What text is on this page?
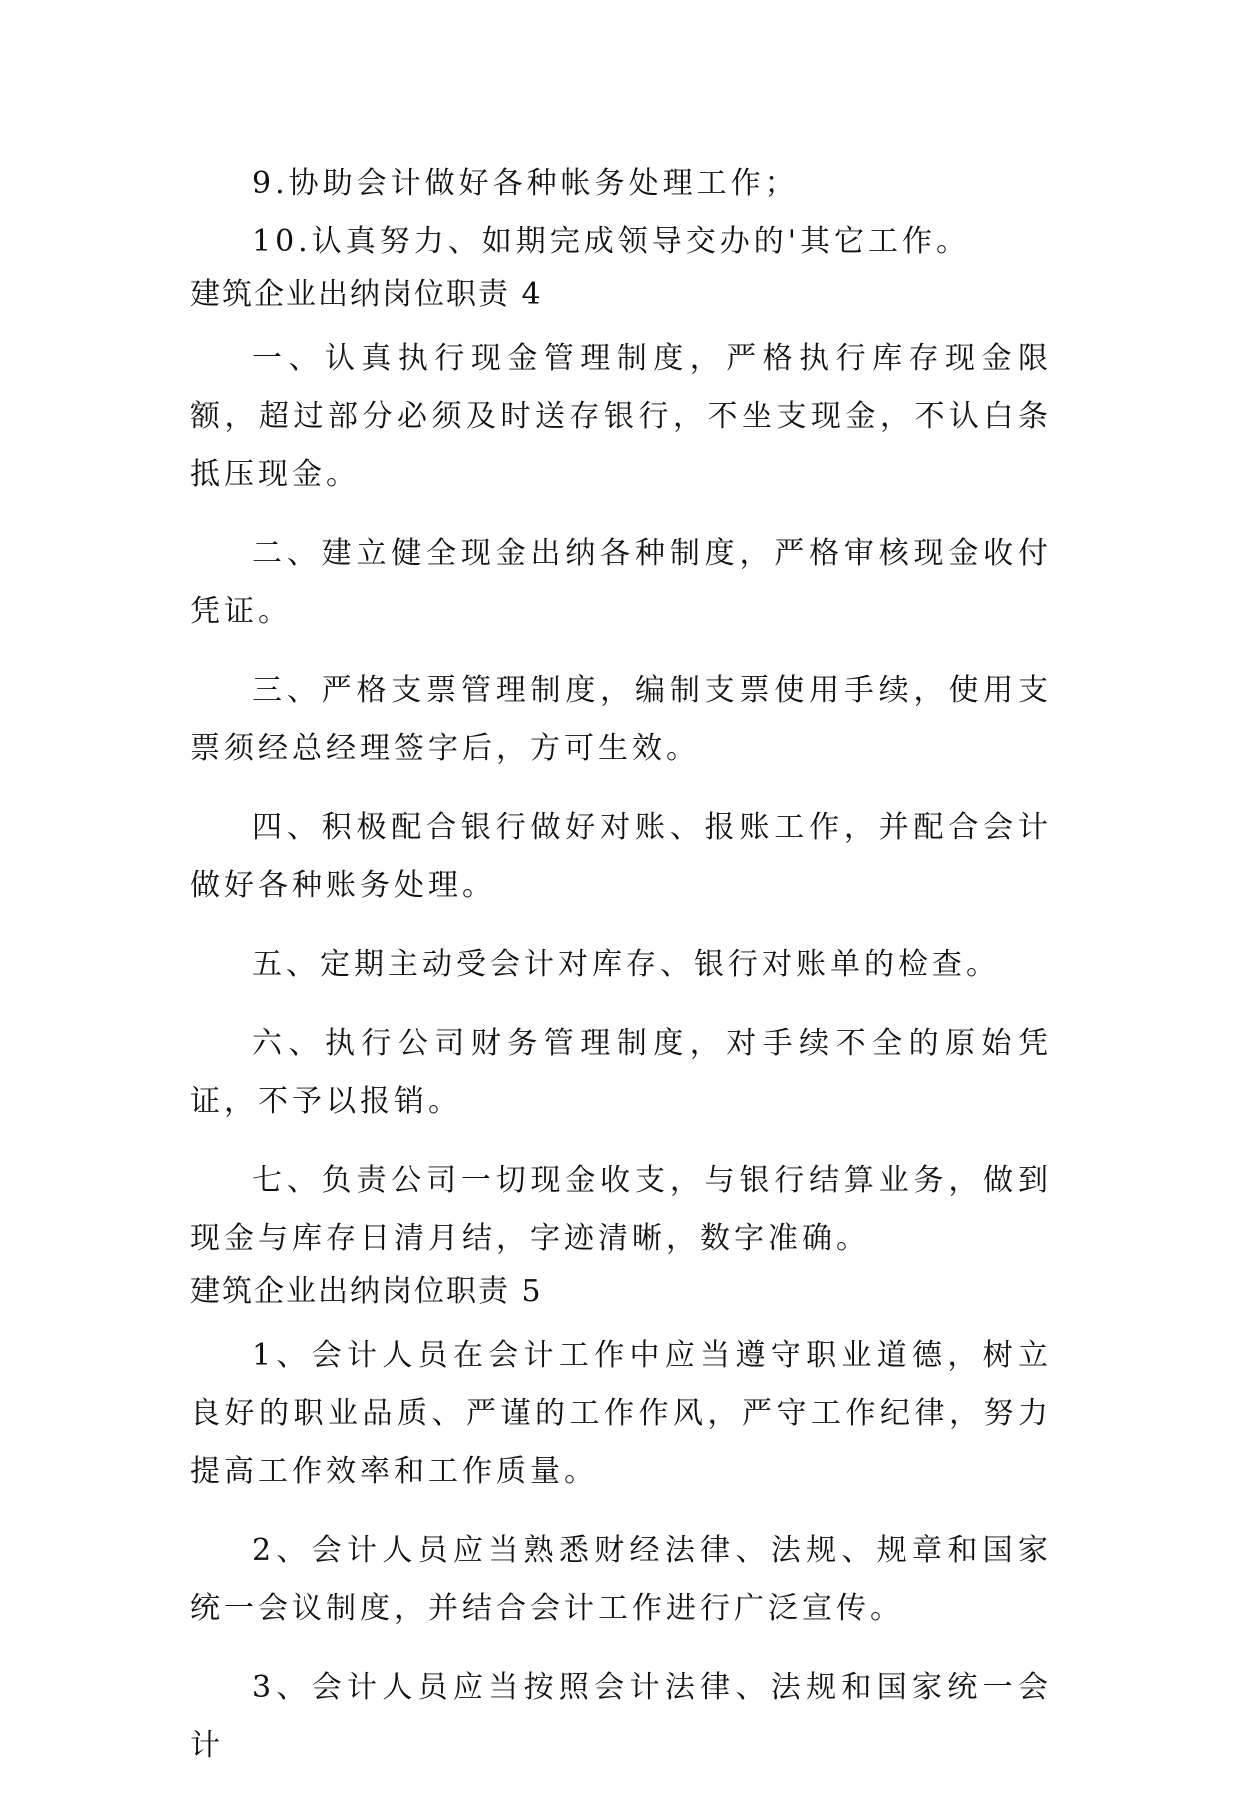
9.协助会计做好各种帐务处理工作；

10.认真努力、如期完成领导交办的'其它工作。

建筑企业出纳岗位职责 4

一、认真执行现金管理制度，严格执行库存现金限额，超过部分必须及时送存银行，不坐支现金，不认白条抵压现金。

二、建立健全现金出纳各种制度，严格审核现金收付凭证。

三、严格支票管理制度，编制支票使用手续，使用支票须经总经理签字后，方可生效。

四、积极配合银行做好对账、报账工作，并配合会计做好各种账务处理。

五、定期主动受会计对库存、银行对账单的检查。

六、执行公司财务管理制度，对手续不全的原始凭证，不予以报销。

七、负责公司一切现金收支，与银行结算业务，做到现金与库存日清月结，字迹清晰，数字准确。

建筑企业出纳岗位职责 5

1、会计人员在会计工作中应当遵守职业道德，树立良好的职业品质、严谨的工作作风，严守工作纪律，努力提高工作效率和工作质量。

2、会计人员应当熟悉财经法律、法规、规章和国家统一会议制度，并结合会计工作进行广泛宣传。

3、会计人员应当按照会计法律、法规和国家统一会计
